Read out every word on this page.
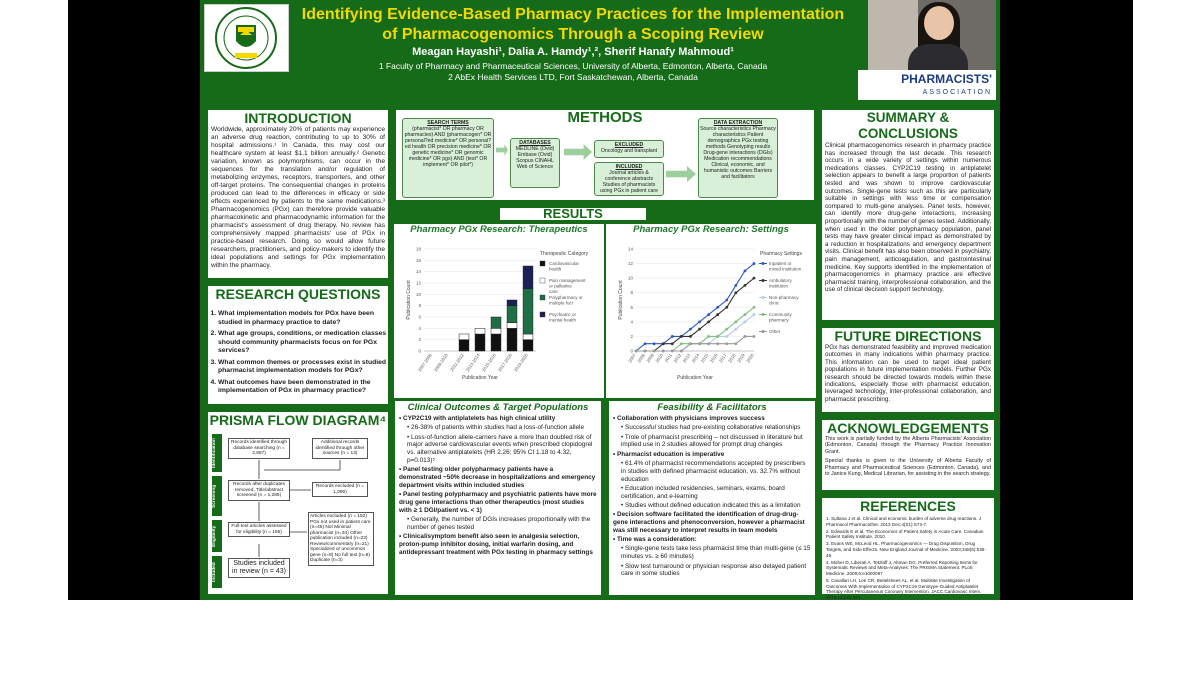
Identifying Evidence-Based Pharmacy Practices for the Implementation of Pharmacogenomics Through a Scoping Review
Meagan Hayashi¹, Dalia A. Hamdy¹,², Sherif Hanafy Mahmoud¹
1 Faculty of Pharmacy and Pharmaceutical Sciences, University of Alberta, Edmonton, Alberta, Canada
2 AbEx Health Services LTD, Fort Saskatchewan, Alberta, Canada	PHARMACISTS'
ASSOCIATION
INTRODUCTION
Worldwide, approximately 20% of patients may experience an adverse drug reaction, contributing to up to 30% of hospital admissions.¹ In Canada, this may cost our healthcare system at least $1.1 billion annually.² Genetic variation, known as polymorphisms, can occur in the sequences for the translation and/or regulation of metabolizing enzymes, receptors, transporters, and other off-target proteins. The consequential changes in proteins produced can lead to the differences in efficacy or side effects experienced by patients to the same medications.³ Pharmacogenomics (PGx) can therefore provide valuable pharmacokinetic and pharmacodynamic information for the pharmacist's assessment of drug therapy. No review has comprehensively mapped pharmacists' use of PGx in practice-based research. Doing so would allow future researchers, practitioners, and policy-makers to identify the ideal populations and settings for PGx implementation within the pharmacy.
RESEARCH QUESTIONS
1. What implementation models for PGx have been studied in pharmacy practice to date?
2. What age groups, conditions, or medication classes should community pharmacists focus on for PGx services?
3. What common themes or processes exist in studied pharmacist implementation models for PGx?
4. What outcomes have been demonstrated in the implementation of PGx in pharmacy practice?
PRISMA FLOW DIAGRAM⁴
Identification
Screening
Eligibility
Included
Records identified through database searching (n = 2,687)
Additional records identified through other sources (n = 13)
Records after duplicates removed, Title/abstract screened (n = 1,285)
Records excluded (n = 1,090)
Full-text articles assessed for eligibility (n = 195)
Articles excluded (n = 152) PGx not used in patient care (n=45) Not Minimal pharmacist (n=34) Other publication included (n=23) Review/commentary (n=21) Specialized or uncommon gene (n=8) No full text (n=8) Duplicate (n=3)
Studies included in review (n = 43)
METHODS
SEARCH TERMS
(pharmacist* OR pharmacy OR pharmacies) AND (pharmacogen* OR personal?ed medicine* OR personal?ed health OR precision medicine* OR genetic medicine* OR genomic medicine* OR pgx) AND (test* OR implement* OR pilot*)
DATABASES
MEDLINE (Ovid) Embase (Ovid) Scopus CINAHL Web of Science
EXCLUDED
Oncology and transplant
INCLUDED
Journal articles & conference abstracts Studies of pharmacists using PGx in patient care
DATA EXTRACTION
Source characteristics Pharmacy characteristics Patient demographics PGx testing methods Genotyping results Drug-gene interactions (DGIs) Medication recommendations Clinical, economic, and humanistic outcomes Barriers and facilitators
RESULTS
Pharmacy PGx Research: Therapeutics
0
2
4
6
8
10
12
14
16
18
Publication Year
Publication Count
2007-2008 2009-2010 2011-2012 2013-2014 2015-2016 2017-2018 2019-2020
Therapeutic Category
Cardiovascular
health
Pain management
or palliative
care
Polypharmacy or
multiple foci
Psychiatric or
mental health
Pharmacy PGx Research: Settings
0
2
4
6
8
10
12
14
Publication Year
Publication Count
2007 2008 2009 2010 2011 2012 2013 2014 2015 2016 2017 2018 2019 2020
Pharmacy Settings
Inpatient or
mixed institution
Ambulatory
institution
Non-pharmacy
clinic
Community
pharmacy
Other
Clinical Outcomes & Target Populations

• CYP2C19 with antiplatelets has high clinical utility

• 26-38% of patients within studies had a loss-of-function allele

• Loss-of-function allele-carriers have a more than doubled risk of major adverse cardiovascular events when prescribed clopidogrel vs. alternative antiplatelets (HR 2.26; 95% CI 1.18 to 4.32, p=0.013)⁵

• Panel testing older polypharmacy patients have a demonstrated ~50% decrease in hospitalizations and emergency department visits within included studies

• Panel testing polypharmacy and psychiatric patients have more drug gene interactions than other therapeutics (most studies with ≥ 1 DGI/patient vs. < 1)

• Generally, the number of DGIs increases proportionally with the number of genes tested

• Clinical/symptom benefit also seen in analgesia selection, proton-pump inhibitor dosing, initial warfarin dosing, and antidepressant treatment with PGx testing in pharmacy settings

Feasibility & Facilitators

• Collaboration with physicians improves success

• Successful studies had pre-existing collaborative relationships

• Trole of pharmacist prescribing – not discussed in literature but implied use in 2 studies allowed for prompt drug changes

• Pharmacist education is imperative

• 61.4% of pharmacist recommendations accepted by prescribers in studies with defined pharmacist education, vs. 32.7% without education

• Education included residencies, seminars, exams, board certification, and e-learning

• Studies without defined education indicated this as a limitation

• Decision software facilitated the identification of drug-drug-gene interactions and phenoconversion, however a pharmacist was still necessary to interpret results in team models

• Time was a consideration:

• Single-gene tests take less pharmacist time than multi-gene (≤ 15 minutes vs. ≥ 60 minutes)

• Slow test turnaround or physician response also delayed patient care in some studies

SUMMARY & CONCLUSIONS
Clinical pharmacogenomics research in pharmacy practice has increased through the last decade. This research occurs in a wide variety of settings within numerous medications classes. CYP2C19 testing in antiplatelet selection appears to benefit a large proportion of patients tested and was shown to improve cardiovascular outcomes. Single-gene tests such as this are particularly suitable in settings with less time or compensation compared to multi-gene analyses. Panel tests, however, can identify more drug-gene interactions, increasing proportionally with the number of genes tested. Additionally, when used in the older polypharmacy population, panel tests may have greater clinical impact as demonstrated by a reduction in hospitalizations and emergency department visits. Clinical benefit has also been observed in psychiatry, pain management, anticoagulation, and gastrointestinal medicine. Key supports identified in the implementation of pharmacogenomics in pharmacy practice are effective pharmacist training, interprofessional collaboration, and the use of clinical decision support technology.
FUTURE DIRECTIONS
PGx has demonstrated feasibility and improved medication outcomes in many indications within pharmacy practice. This information can be used to target ideal patient populations in future implementation models. Further PGx research should be directed towards models within these indications, especially those with pharmacist education, leveraged technology, inter-professional collaboration, and pharmacist prescribing.
ACKNOWLEDGEMENTS
This work is partially funded by the Alberta Pharmacists' Association (Edmonton, Canada) through the Pharmacy Practice Innovation Grant.
Special thanks is given to the University of Alberta Faculty of Pharmacy and Pharmaceutical Sciences (Edmonton, Canada), and to Janice Kung, Medical Librarian, for assisting in the search strategy.
REFERENCES

1. Sultana J et al. Clinical and economic burden of adverse drug reactions. J Pharmacol Pharmacother. 2013 Dec;4(S1):S73-7.

2. Edwards E et al. The Economics of Patient Safety in Acute Care. Canadian Patient Safety Institute. 2010.

3. Evans WE, McLeod HL. Pharmacogenomics — Drug Disposition, Drug Targets, and Side Effects. New England Journal of Medicine. 2003;348(6):538-49.

4. Moher D, Liberati A, Tetzlaff J, Altman DG. Preferred Reporting Items for Systematic Reviews and Meta-Analyses: The PRISMA Statement. PLoS Medicine. 2009;6:e1000097

5. Cavallari LH, Lee CR, Beitelshees AL, et al. Multisite Investigation of Outcomes With Implementation of CYP2C19 Genotype-Guided Antiplatelet Therapy After Percutaneous Coronary Intervention. JACC Cardiovasc Interv. 2018;11:181-191.
